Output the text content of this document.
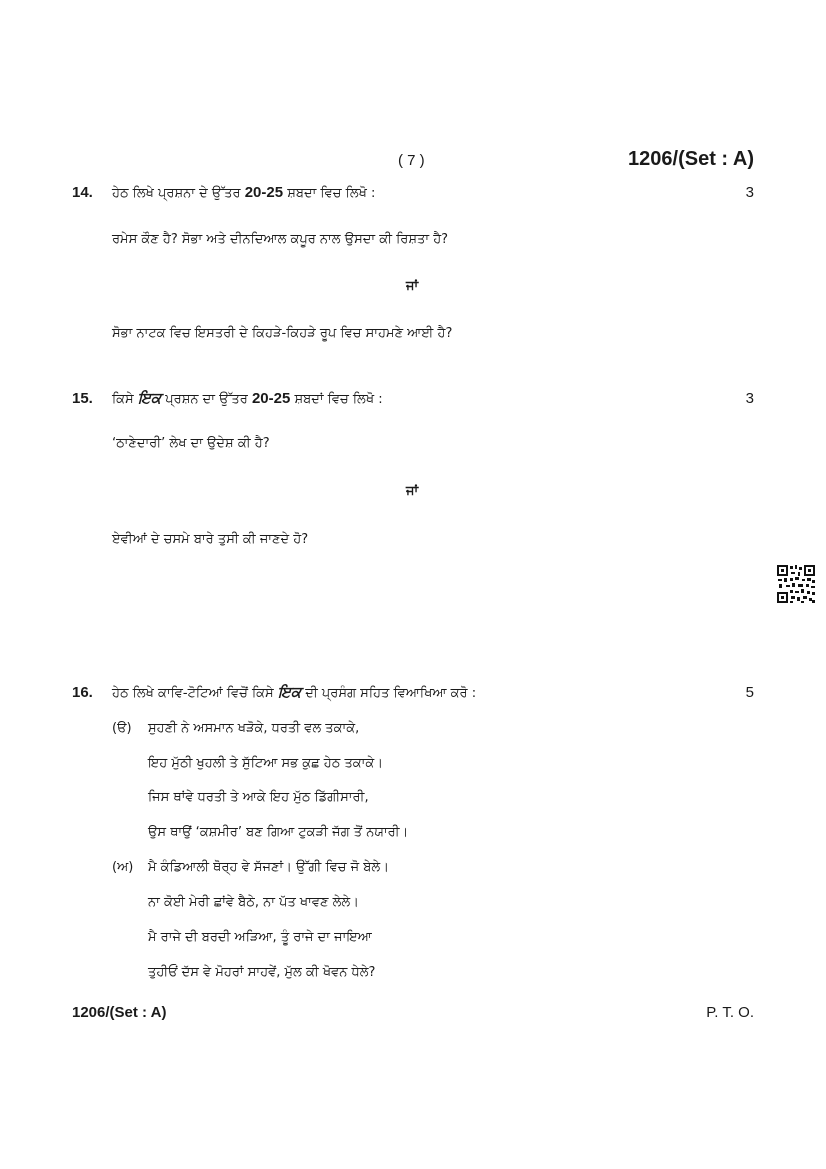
( 7 )	1206/(Set : A)
14. ਹੇਠ ਲਿਖੇ ਪ੍ਰਸ਼ਨਾ ਦੇ ਉੱਤਰ 20-25 ਸ਼ਬਦਾ ਵਿਚ ਲਿਖੋ :	3
ਰਮੇਸ ਕੌਣ ਹੈ? ਸੋਭਾ ਅਤੇ ਦੀਨਦਿਆਲ ਕਪੂਰ ਨਾਲ ਉਸਦਾ ਕੀ ਰਿਸ਼ਤਾ ਹੈ?
ਜਾਂ
ਸੋਭਾ ਨਾਟਕ ਵਿਚ ਇਸਤਰੀ ਦੇ ਕਿਹੜੇ-ਕਿਹੜੇ ਰੂਪ ਵਿਚ ਸਾਹਮਣੇ ਆਈ ਹੈ?
15. ਕਿਸੇ ਇਕ ਪ੍ਰਸ਼ਨ ਦਾ ਉੱਤਰ 20-25 ਸ਼ਬਦਾਂ ਵਿਚ ਲਿਖੋ :	3
‘ਠਾਣੇਦਾਰੀ’ ਲੇਖ ਦਾ ਉਦੇਸ਼ ਕੀ ਹੈ?
ਜਾਂ
ਏਵੀਆਂ ਦੇ ਚਸਮੇ ਬਾਰੇ ਤੁਸੀ ਕੀ ਜਾਣਦੇ ਹੋ?
16. ਹੇਠ ਲਿਖੇ ਕਾਵਿ-ਟੋਟਿਆਂ ਵਿਚੋਂ ਕਿਸੇ ਇਕ ਦੀ ਪ੍ਰਸੰਗ ਸਹਿਤ ਵਿਆਖਿਆ ਕਰੋ :	5
(ੳ) ਸੁਹਣੀ ਨੇ ਅਸਮਾਨ ਖੜੋਕੇ, ਧਰਤੀ ਵਲ ਤਕਾਕੇ,
ਇਹ ਮੁੱਠੀ ਖੁਹਲੀ ਤੇ ਸੁੱਟਿਆ ਸਭ ਕੁਛ ਹੇਠ ਤਕਾਕੇ।
ਜਿਸ ਥਾਂਵੇ ਧਰਤੀ ਤੇ ਆਕੇ ਇਹ ਮੁੱਠ ਡਿੱਗੀਸਾਰੀ,
ਉਸ ਥਾਉਂ ‘ਕਸ਼ਮੀਰ’ ਬਣ ਗਿਆ ਟੁਕੜੀ ਜੱਗ ਤੋਂ ਨਯਾਰੀ।
(ਅ) ਮੈ ਕੰਡਿਆਲੀ ਥੋਰ੍ਹ ਵੇ ਸੱਜਣਾਂ। ਉੱਗੀ ਵਿਚ ਜੋ ਬੇਲੇ।
ਨਾ ਕੋਈ ਮੇਰੀ ਛਾਂਵੇ ਬੈਠੇ, ਨਾ ਪੱਤ ਖਾਵਣ ਲੇਲੇ।
ਮੈ ਰਾਜੇ ਦੀ ਬਰਦੀ ਅੜਿਆ, ਤੂੰ ਰਾਜੇ ਦਾ ਜਾਇਆ
ਤੁਹੀਓਂ ਦੱਸ ਵੇ ਮੋਹਰਾਂ ਸਾਹਵੇਂ, ਮੁੱਲ ਕੀ ਖੋਵਨ ਧੇਲੇ?
1206/(Set : A)	P. T. O.
